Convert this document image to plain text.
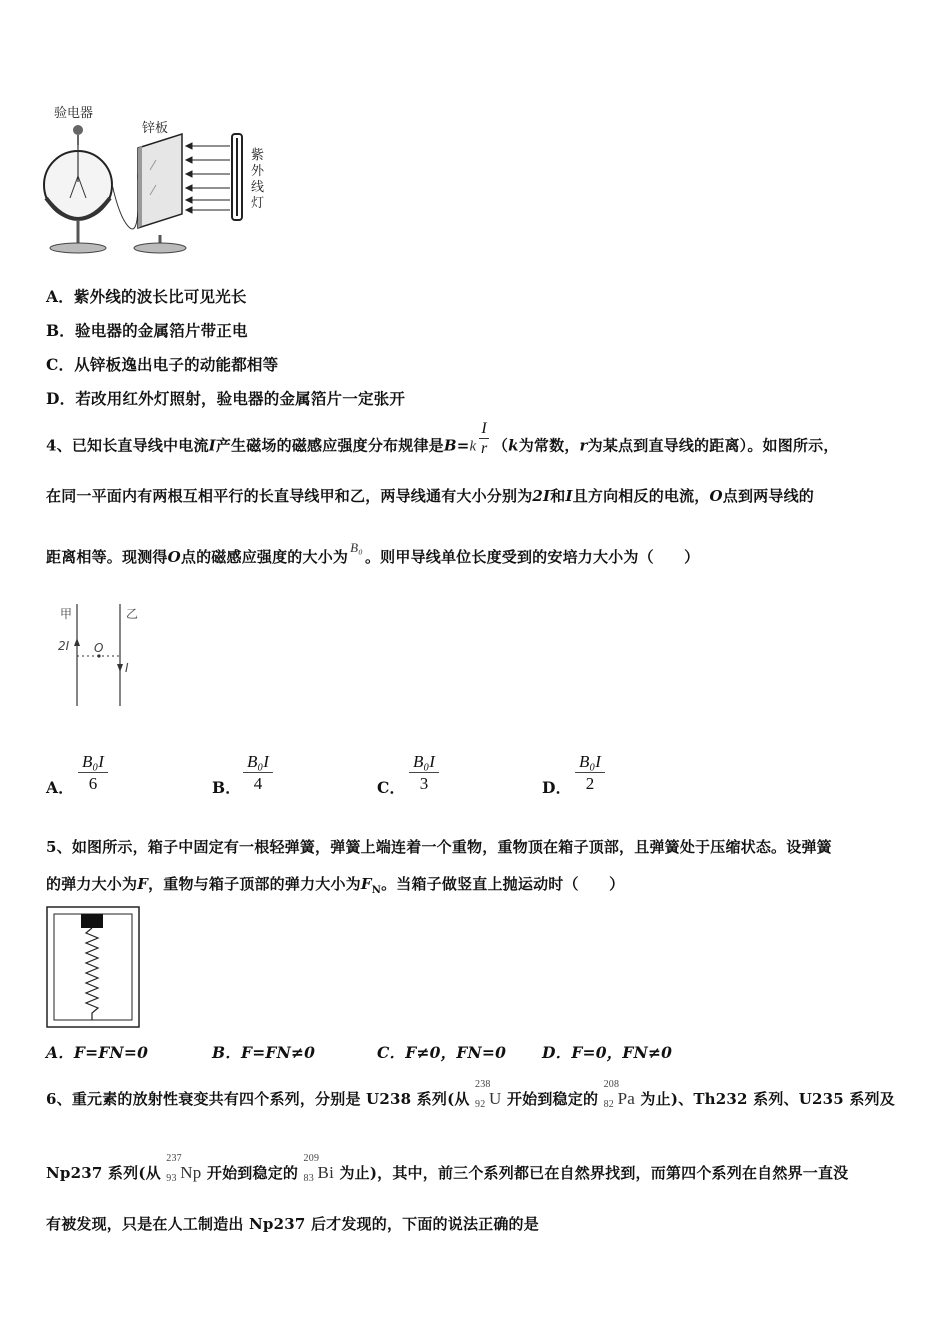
验电器
锌板
紫
外
线
灯
A．紫外线的波长比可见光长
B．验电器的金属箔片带正电
C．从锌板逸出电子的动能都相等
D．若改用红外灯照射，验电器的金属箔片一定张开
4、已知长直导线中电流I产生磁场的磁感应强度分布规律是$B=k \frac{I}{r} (k$为常数，r为某点到直导线的距离）。如图所示，
在同一平面内有两根互相平行的长直导线甲和乙，两导线通有大小分别为2I和I且方向相反的电流，O点到两导线的
距离相等。现测得O点的磁感应强度的大小为B₀。则甲导线单位长度受到的安培力大小为（　　）
甲	乙
2I O
I
A． $\frac{\text{B₀I}}{6}$	B． $\frac{\text{B₀I}}{4}$	C． $\frac{\text{B₀I}}{3}$	D． $\frac{\text{B₀I}}{2}$
5、如图所示，箱子中固定有一根轻弹簧，弹簧上端连着一个重物，重物顶在箱子顶部，且弹簧处于压缩状态。设弹簧
的弹力大小为F，重物与箱子顶部的弹力大小为$F_N$。当箱子做竖直上抛运动时（　　）
A．F=FN=0	B．F=FN≠0	C．F≠0，FN=0 D．F=0，FN≠0
6、重元素的放射性衰变共有四个系列，分别是 U238 系列(从
238
92 U 开始到稳定的
208
82 Pa 为止)、Th232 系列、U235 系列及
Np237 系列(从
237
93 Np 开始到稳定的
209
83 Bi 为止)，其中，前三个系列都已在自然界找到，而第四个系列在自然界一直没
有被发现，只是在人工制造出 Np237 后才发现的，下面的说法正确的是
